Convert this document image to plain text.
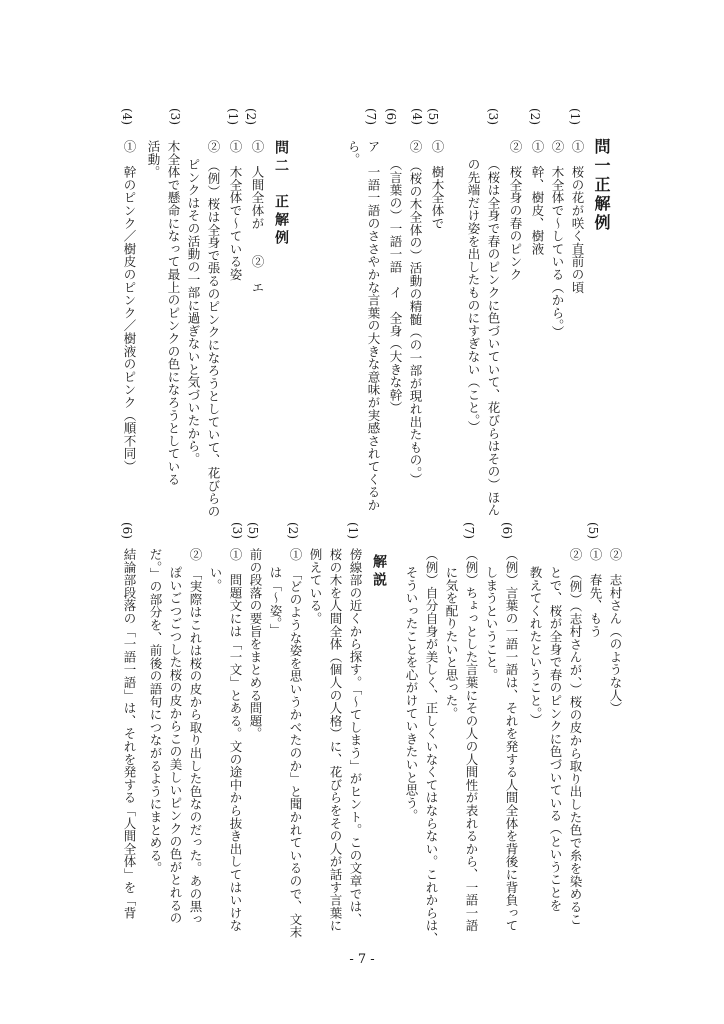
問一正解例
(1)
(2)
(3)
(5)
(4)
(6)
(7)
①　桜の花が咲く直前の頃
②　木全体で～している（から。）
①　幹、樹皮、樹液
②　桜全身の春のピンク
（桜は全身で春のピンクに色づいていて、花びらはその）ほん
の先端だけ姿を出したものにすぎない（こと。）
①　樹木全体で
②　（桜の木全体の）活動の精髄（の一部が現れ出たもの。）
（言葉の）一語一語　イ　全身（大きな幹）
ア　一語一語のささやかな言葉の大きな意味が実感されてくるか
ら。
問二　正解例
(2)
(1)
(3)
(4)
①　人間全体が　　②　エ
①　木全体で～ている姿
②　（例）桜は全身で張るのピンクになろうとしていて、花びらの
ピンクはその活動の一部に過ぎないと気づいたから。
木全体で懸命になって最上のピンクの色になろうとしている
活動。
①　幹のピンク／樹皮のピンク／樹液のピンク（順不同）
(5)
(6)
(7)
(1)
(2)
(5)
(3)
(6)
②　志村さん（のような人）
①　春先、もう
②　（例）（志村さんが、）桜の皮から取り出した色で糸を染めるこ
とで、桜が全身で春のピンクに色づいている（ということを
教えてくれたということ。）
（例）言葉の一語一語は、それを発する人間全体を背後に背負って
しまうということ。
（例）ちょっとした言葉にその人の人間性が表れるから、一語一語
に気を配りたいと思った。
（例）自分自身が美しく、正しくいなくてはならない。これからは、
そういったことを心がけていきたいと思う。
解説
傍線部の近くから探す。「～てしまう」がヒント。この文章では、
桜の木を人間全体（個人の人格）に、花びらをその人が話す言葉に
例えている。
①　「どのような姿を思いうかべたのか」と聞かれているので、文末
は「～姿。」
前の段落の要旨をまとめる問題。
①　問題文には「一文」とある。文の途中から抜き出してはいけな
い。
②　「実際はこれは桜の皮から取り出した色なのだった。あの黒っ
ぽいごつごつした桜の皮からこの美しいピンクの色がとれるの
だ。」の部分を、前後の語句につながるようにまとめる。
結論部段落の「一語一語」は、それを発する「人間全体」を「背
- 7 -
